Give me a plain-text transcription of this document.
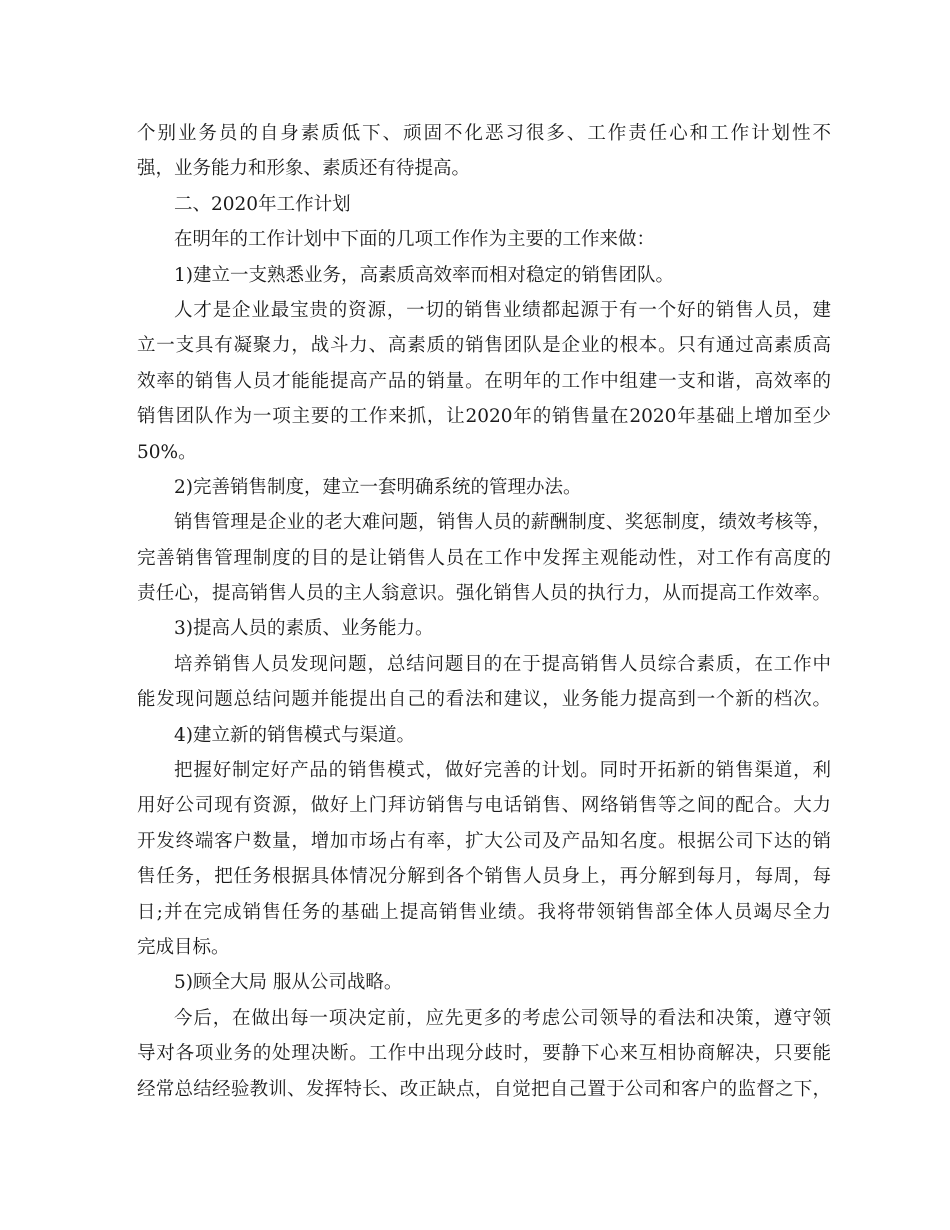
个别业务员的自身素质低下、顽固不化恶习很多、工作责任心和工作计划性不
强，业务能力和形象、素质还有待提高。
二、2020年工作计划
在明年的工作计划中下面的几项工作作为主要的工作来做：
1)建立一支熟悉业务，高素质高效率而相对稳定的销售团队。
人才是企业最宝贵的资源，一切的销售业绩都起源于有一个好的销售人员，建
立一支具有凝聚力，战斗力、高素质的销售团队是企业的根本。只有通过高素质高
效率的销售人员才能能提高产品的销量。在明年的工作中组建一支和谐，高效率的
销售团队作为一项主要的工作来抓，让2020年的销售量在2020年基础上增加至少
50%。
2)完善销售制度，建立一套明确系统的管理办法。
销售管理是企业的老大难问题，销售人员的薪酬制度、奖惩制度，绩效考核等，
完善销售管理制度的目的是让销售人员在工作中发挥主观能动性，对工作有高度的
责任心，提高销售人员的主人翁意识。强化销售人员的执行力，从而提高工作效率。
3)提高人员的素质、业务能力。
培养销售人员发现问题，总结问题目的在于提高销售人员综合素质，在工作中
能发现问题总结问题并能提出自己的看法和建议，业务能力提高到一个新的档次。
4)建立新的销售模式与渠道。
把握好制定好产品的销售模式，做好完善的计划。同时开拓新的销售渠道，利
用好公司现有资源，做好上门拜访销售与电话销售、网络销售等之间的配合。大力
开发终端客户数量，增加市场占有率，扩大公司及产品知名度。根据公司下达的销
售任务，把任务根据具体情况分解到各个销售人员身上，再分解到每月，每周，每
日;并在完成销售任务的基础上提高销售业绩。我将带领销售部全体人员竭尽全力
完成目标。
5)顾全大局 服从公司战略。
今后，在做出每一项决定前，应先更多的考虑公司领导的看法和决策，遵守领
导对各项业务的处理决断。工作中出现分歧时，要静下心来互相协商解决，只要能
经常总结经验教训、发挥特长、改正缺点，自觉把自己置于公司和客户的监督之下，
